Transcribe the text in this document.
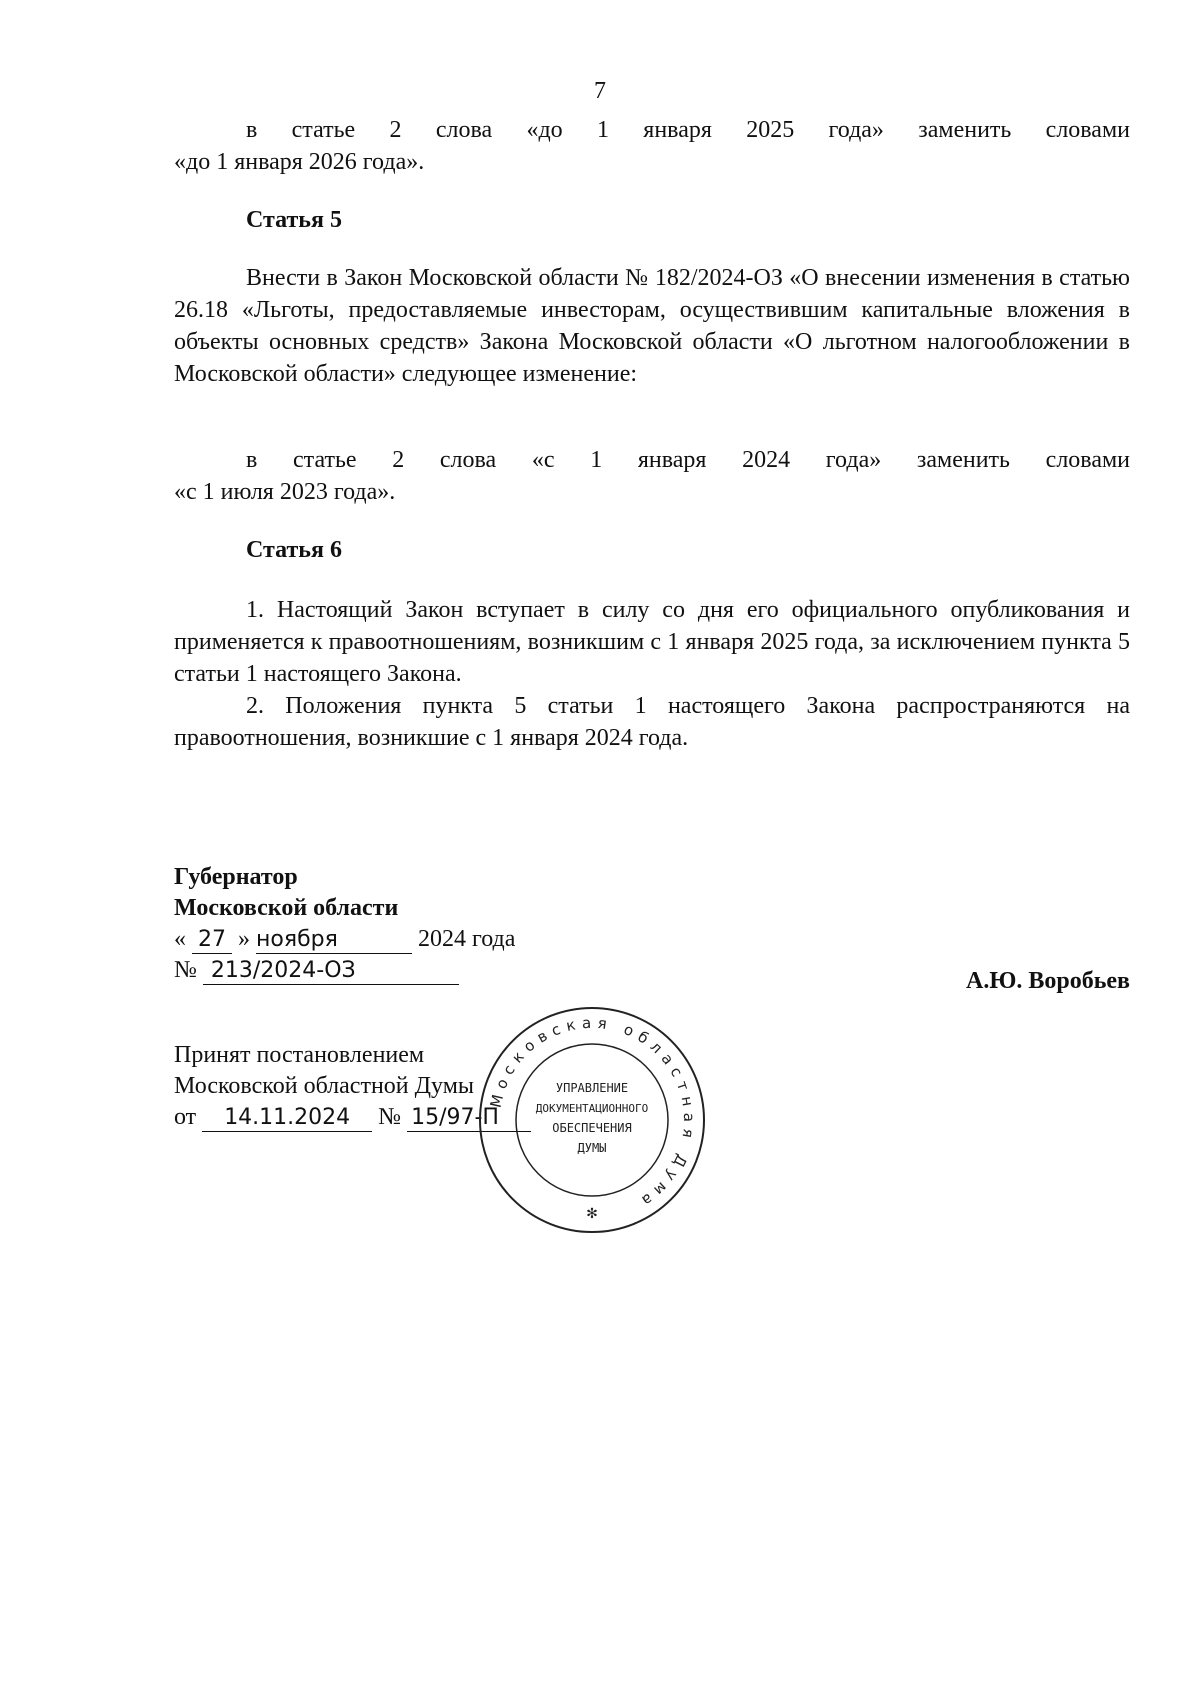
7

в статье 2 слова «до 1 января 2025 года» заменить словами

«до 1 января 2026 года».

Статья 5

Внести в Закон Московской области № 182/2024-ОЗ «О внесении изменения в статью 26.18 «Льготы, предоставляемые инвесторам, осуществившим капитальные вложения в объекты основных средств» Закона Московской области «О льготном налогообложении в Московской области» следующее изменение:

в статье 2 слова «с 1 января 2024 года» заменить словами

«с 1 июля 2023 года».

Статья 6

1. Настоящий Закон вступает в силу со дня его официального опубликования и применяется к правоотношениям, возникшим с 1 января 2025 года, за исключением пункта 5 статьи 1 настоящего Закона.

2. Положения пункта 5 статьи 1 настоящего Закона распространяются на правоотношения, возникшие с 1 января 2024 года.

Губернатор
Московской области
« 27 » ноября	2024 года
№ 213/2024-ОЗ	А.Ю. Воробьев
Принят постановлением
Московской областной Думы
от 14.11.2024 № 15/97-П
Московская областная Дума
УПРАВЛЕНИЕ
ДОКУМЕНТАЦИОННОГО
ОБЕСПЕЧЕНИЯ
ДУМЫ
✻
